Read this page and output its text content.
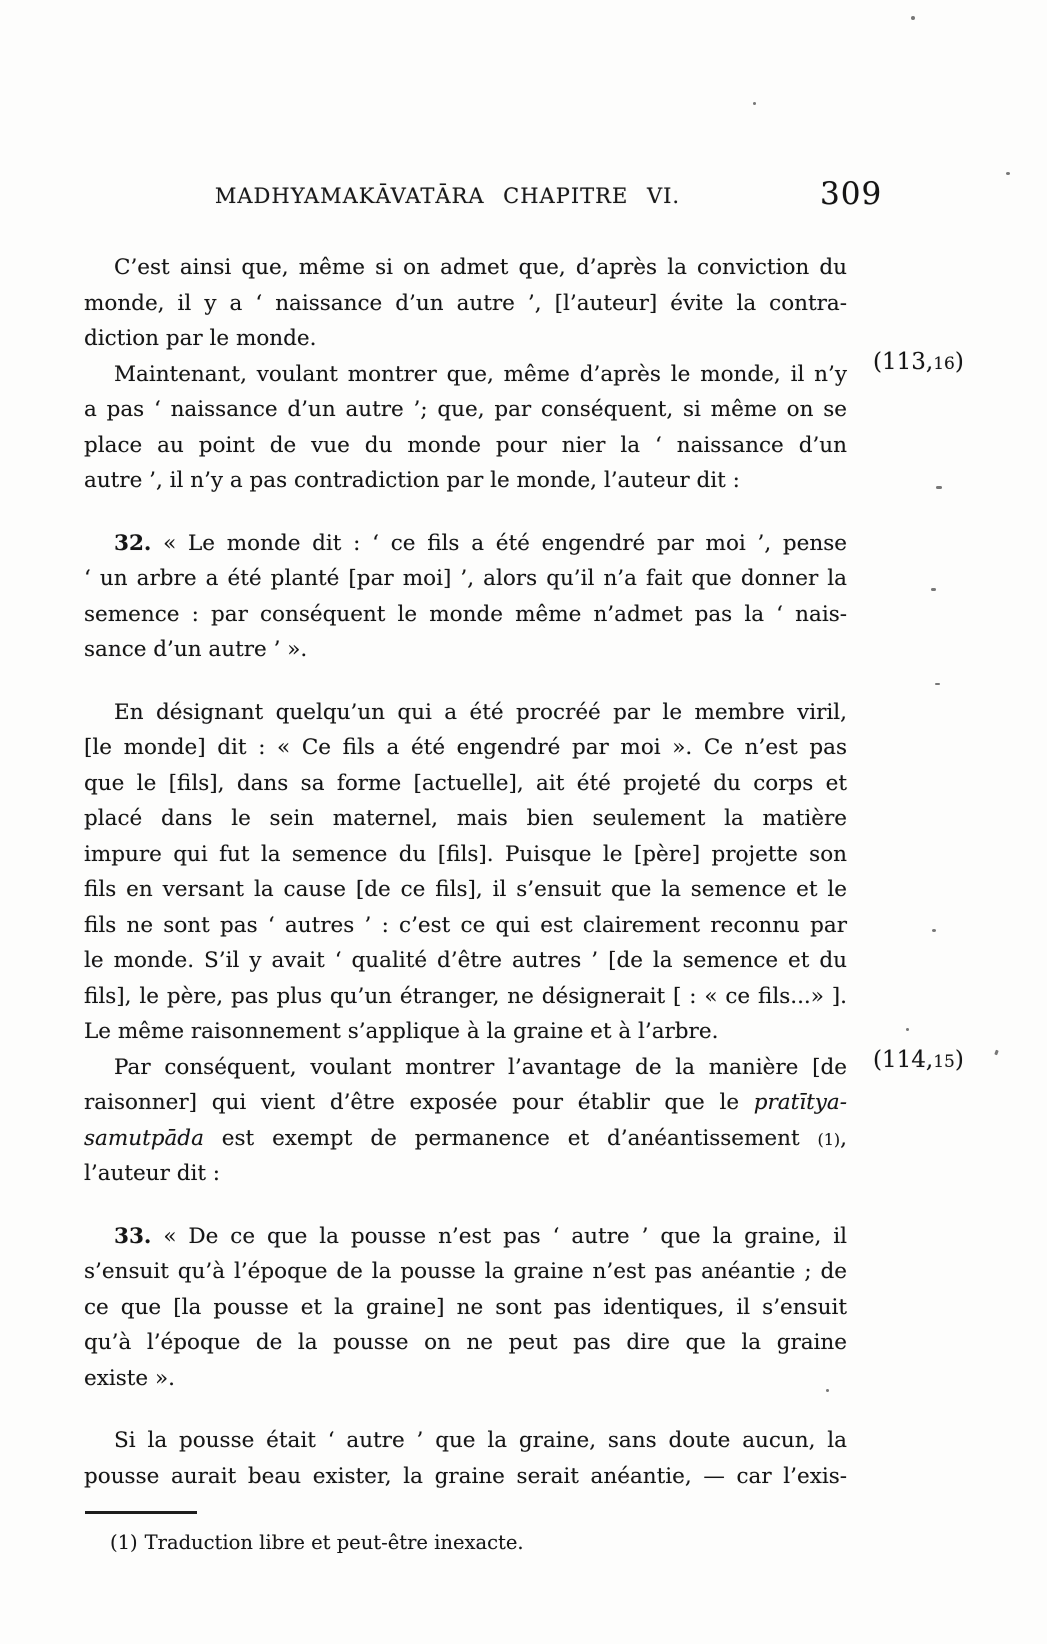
MADHYAMAKĀVATĀRA CHAPITRE VI.	309
C’est ainsi que, même si on admet que, d’après la conviction du
monde, il y a ‘ naissance d’un autre ’, [l’auteur] évite la contra-
diction par le monde.
Maintenant, voulant montrer que, même d’après le monde, il n’y
a pas ‘ naissance d’un autre ’; que, par conséquent, si même on se
place au point de vue du monde pour nier la ‘ naissance d’un
autre ’, il n’y a pas contradiction par le monde, l’auteur dit :
32. « Le monde dit : ‘ ce fils a été engendré par moi ’, pense
‘ un arbre a été planté [par moi] ’, alors qu’il n’a fait que donner la
semence : par conséquent le monde même n’admet pas la ‘ nais-
sance d’un autre ’ ».
En désignant quelqu’un qui a été procréé par le membre viril,
[le monde] dit : « Ce fils a été engendré par moi ». Ce n’est pas
que le [fils], dans sa forme [actuelle], ait été projeté du corps et
placé dans le sein maternel, mais bien seulement la matière
impure qui fut la semence du [fils]. Puisque le [père] projette son
fils en versant la cause [de ce fils], il s’ensuit que la semence et le
fils ne sont pas ‘ autres ’ : c’est ce qui est clairement reconnu par
le monde. S’il y avait ‘ qualité d’être autres ’ [de la semence et du
fils], le père, pas plus qu’un étranger, ne désignerait [ : « ce fils...» ].
Le même raisonnement s’applique à la graine et à l’arbre.
Par conséquent, voulant montrer l’avantage de la manière [de
raisonner] qui vient d’être exposée pour établir que le pratītya-
samutpāda est exempt de permanence et d’anéantissement (1),
l’auteur dit :
33. « De ce que la pousse n’est pas ‘ autre ’ que la graine, il
s’ensuit qu’à l’époque de la pousse la graine n’est pas anéantie ; de
ce que [la pousse et la graine] ne sont pas identiques, il s’ensuit
qu’à l’époque de la pousse on ne peut pas dire que la graine
existe ».
Si la pousse était ‘ autre ’ que la graine, sans doute aucun, la
pousse aurait beau exister, la graine serait anéantie, — car l’exis-
(113,16)
(114,15)
(1) Traduction libre et peut-être inexacte.
